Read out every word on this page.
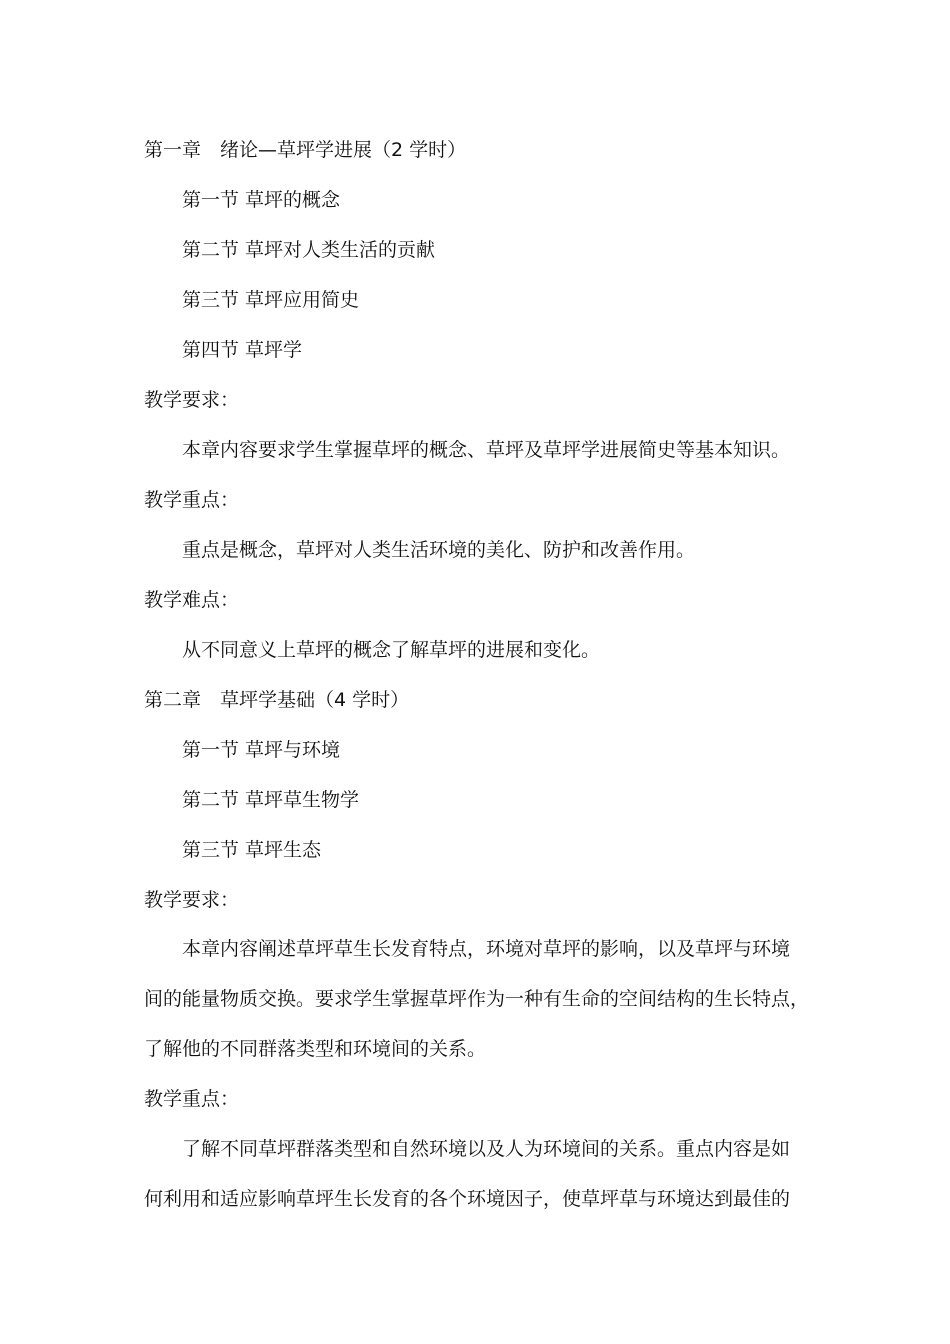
第一章　绪论—草坪学进展（2 学时）
第一节 草坪的概念
第二节 草坪对人类生活的贡献
第三节 草坪应用简史
第四节 草坪学
教学要求：
本章内容要求学生掌握草坪的概念、草坪及草坪学进展简史等基本知识。
教学重点：
重点是概念，草坪对人类生活环境的美化、防护和改善作用。
教学难点：
从不同意义上草坪的概念了解草坪的进展和变化。
第二章　草坪学基础（4 学时）
第一节 草坪与环境
第二节 草坪草生物学
第三节 草坪生态
教学要求：
本章内容阐述草坪草生长发育特点，环境对草坪的影响，以及草坪与环境
间的能量物质交换。要求学生掌握草坪作为一种有生命的空间结构的生长特点，
了解他的不同群落类型和环境间的关系。
教学重点：
了解不同草坪群落类型和自然环境以及人为环境间的关系。重点内容是如
何利用和适应影响草坪生长发育的各个环境因子，使草坪草与环境达到最佳的
